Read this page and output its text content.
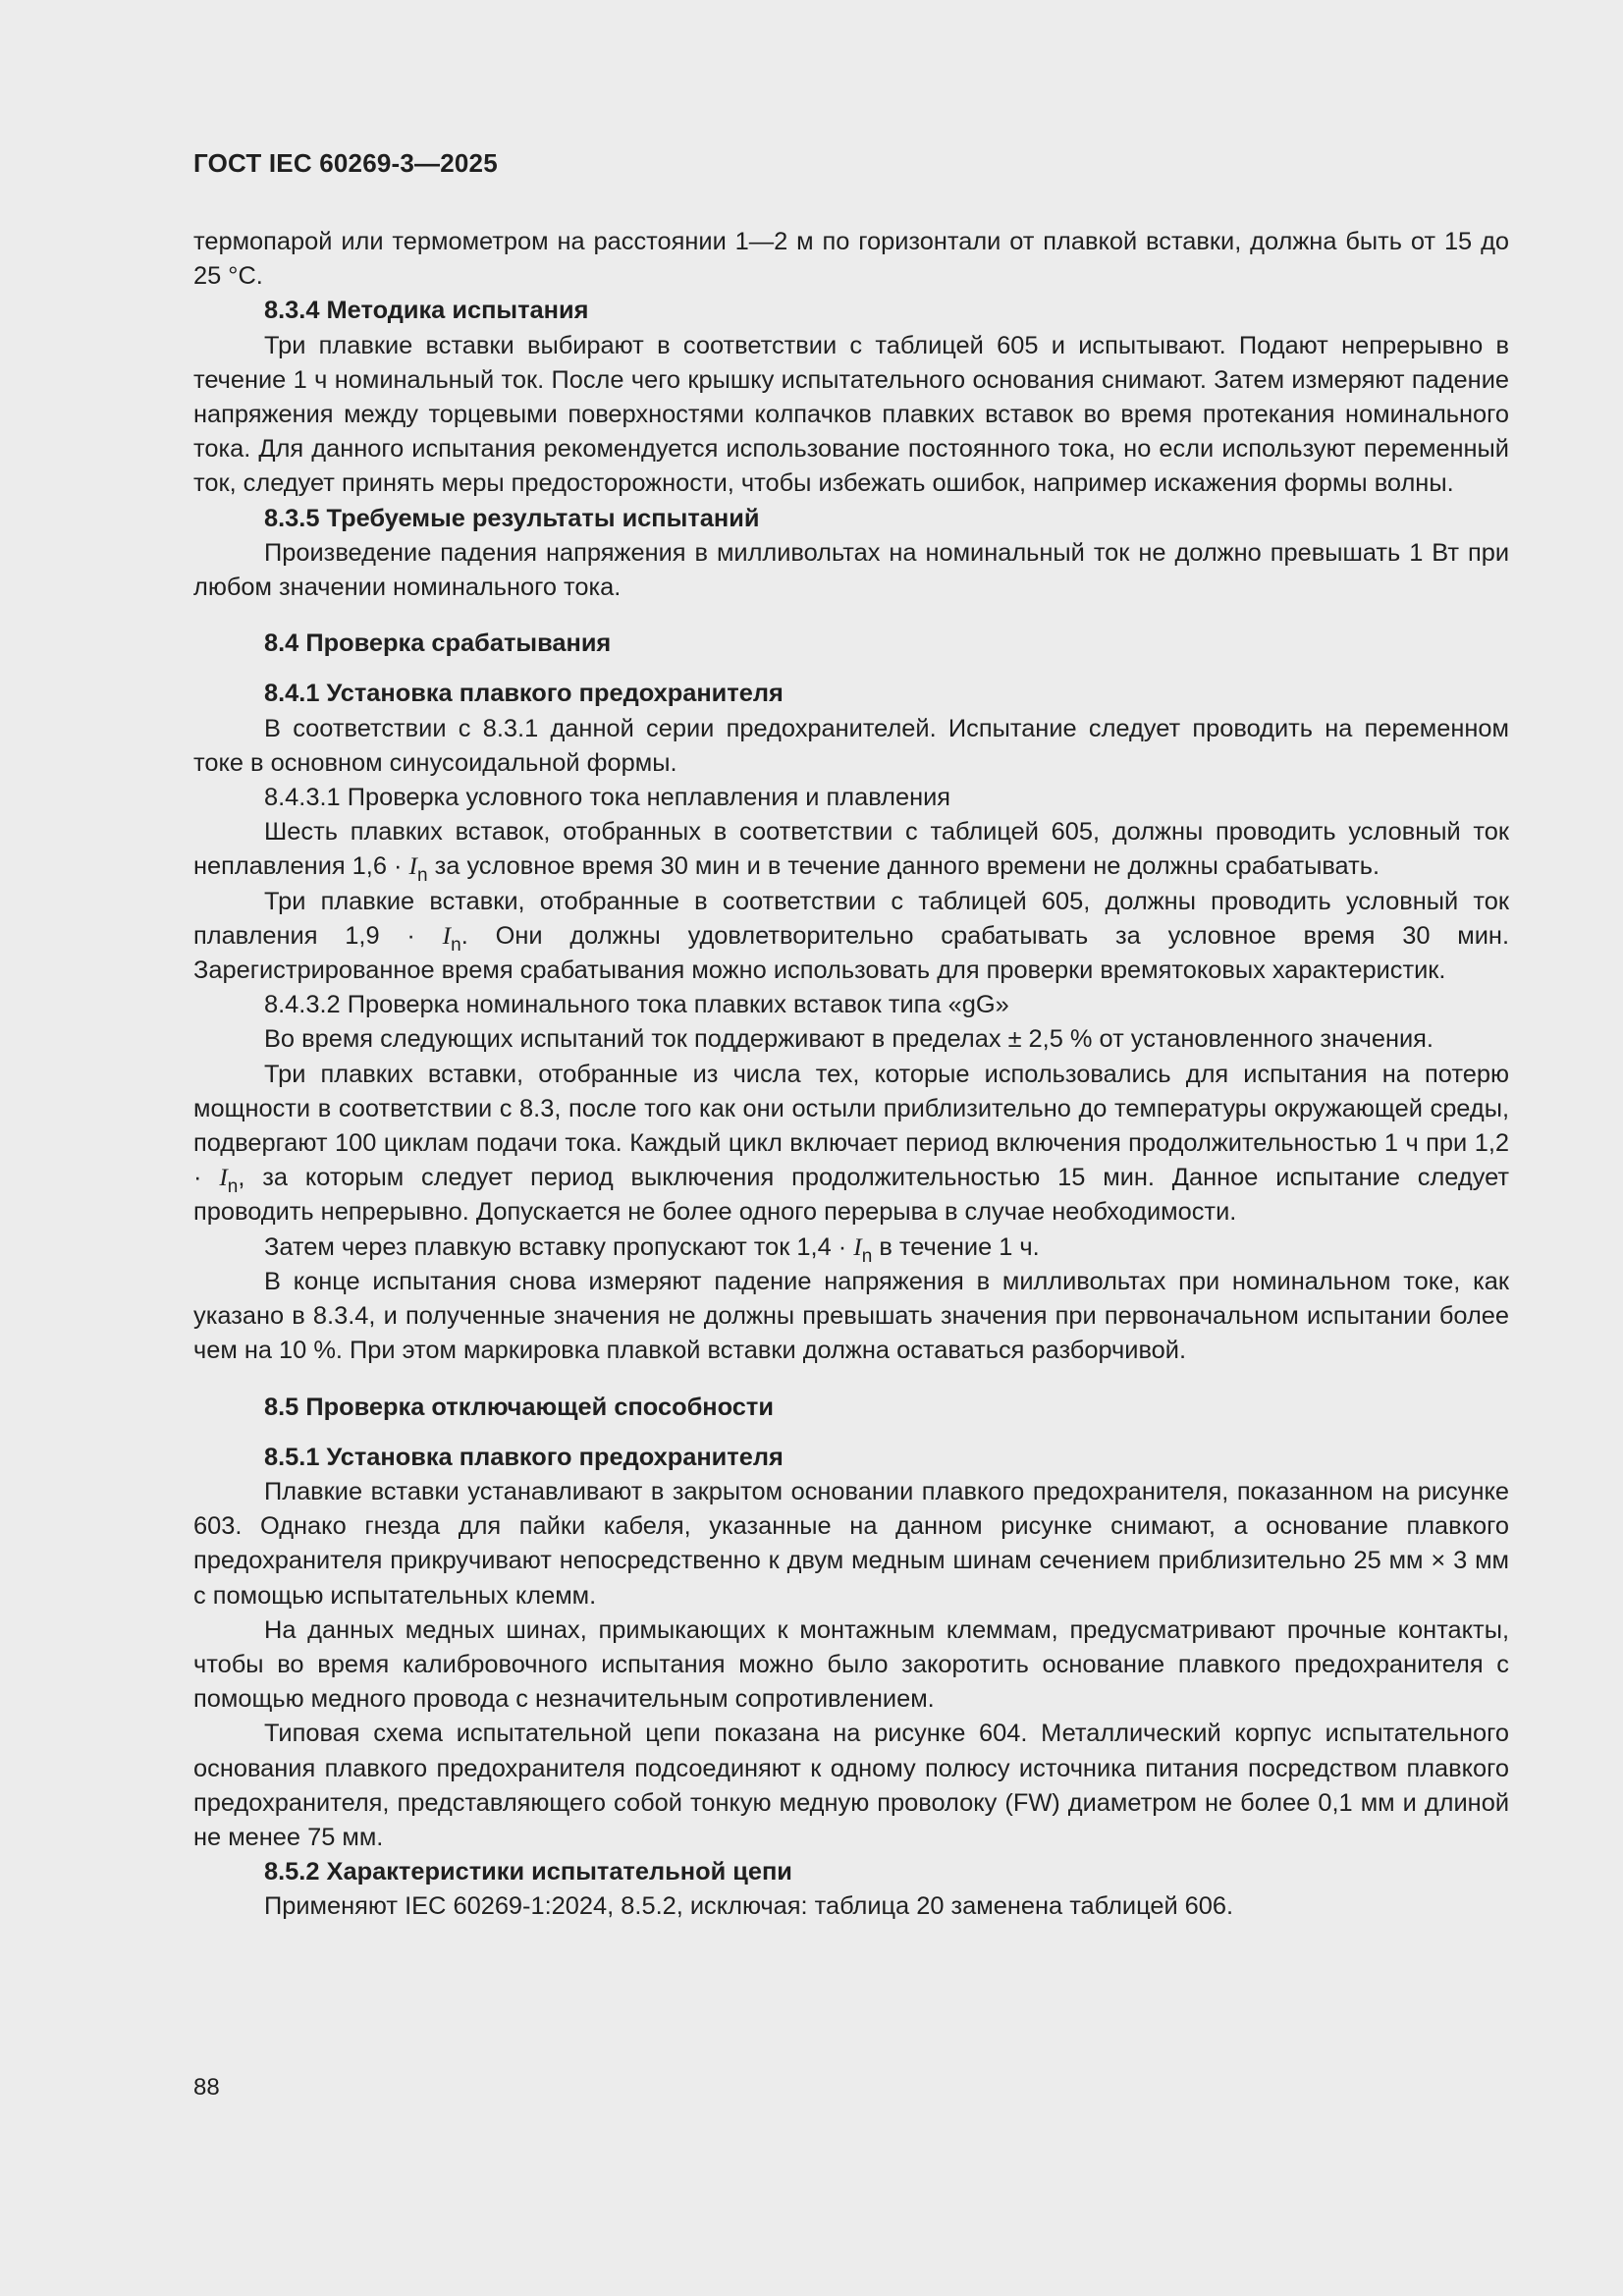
ГОСТ IEC 60269-3—2025

термопарой или термометром на расстоянии 1—2 м по горизонтали от плавкой вставки, должна быть от 15 до 25 °С.

8.3.4 Методика испытания

Три плавкие вставки выбирают в соответствии с таблицей 605 и испытывают. Подают непрерывно в течение 1 ч номинальный ток. После чего крышку испытательного основания снимают. Затем измеряют падение напряжения между торцевыми поверхностями колпачков плавких вставок во время протекания номинального тока. Для данного испытания рекомендуется использование постоянного тока, но если используют переменный ток, следует принять меры предосторожности, чтобы избежать ошибок, например искажения формы волны.

8.3.5 Требуемые результаты испытаний

Произведение падения напряжения в милливольтах на номинальный ток не должно превышать 1 Вт при любом значении номинального тока.

8.4 Проверка срабатывания

8.4.1 Установка плавкого предохранителя

В соответствии с 8.3.1 данной серии предохранителей. Испытание следует проводить на переменном токе в основном синусоидальной формы.

8.4.3.1 Проверка условного тока неплавления и плавления

Шесть плавких вставок, отобранных в соответствии с таблицей 605, должны проводить условный ток неплавления $1,6 \cdot I_n$ за условное время 30 мин и в течение данного времени не должны срабатывать.

Три плавкие вставки, отобранные в соответствии с таблицей 605, должны проводить условный ток плавления $1,9 \cdot I_n$. Они должны удовлетворительно срабатывать за условное время 30 мин. Зарегистрированное время срабатывания можно использовать для проверки времятоковых характеристик.

8.4.3.2 Проверка номинального тока плавких вставок типа «gG»

Во время следующих испытаний ток поддерживают в пределах ± 2,5 % от установленного значения.

Три плавких вставки, отобранные из числа тех, которые использовались для испытания на потерю мощности в соответствии с 8.3, после того как они остыли приблизительно до температуры окружающей среды, подвергают 100 циклам подачи тока. Каждый цикл включает период включения продолжительностью 1 ч при $1,2 \cdot I_n$, за которым следует период выключения продолжительностью 15 мин. Данное испытание следует проводить непрерывно. Допускается не более одного перерыва в случае необходимости.

Затем через плавкую вставку пропускают ток $1,4 \cdot I_n$ в течение 1 ч.

В конце испытания снова измеряют падение напряжения в милливольтах при номинальном токе, как указано в 8.3.4, и полученные значения не должны превышать значения при первоначальном испытании более чем на 10 %. При этом маркировка плавкой вставки должна оставаться разборчивой.

8.5 Проверка отключающей способности

8.5.1 Установка плавкого предохранителя

Плавкие вставки устанавливают в закрытом основании плавкого предохранителя, показанном на рисунке 603. Однако гнезда для пайки кабеля, указанные на данном рисунке снимают, а основание плавкого предохранителя прикручивают непосредственно к двум медным шинам сечением приблизительно 25 мм × 3 мм с помощью испытательных клемм.

На данных медных шинах, примыкающих к монтажным клеммам, предусматривают прочные контакты, чтобы во время калибровочного испытания можно было закоротить основание плавкого предохранителя с помощью медного провода с незначительным сопротивлением.

Типовая схема испытательной цепи показана на рисунке 604. Металлический корпус испытательного основания плавкого предохранителя подсоединяют к одному полюсу источника питания посредством плавкого предохранителя, представляющего собой тонкую медную проволоку (FW) диаметром не более 0,1 мм и длиной не менее 75 мм.

8.5.2 Характеристики испытательной цепи

Применяют IEC 60269-1:2024, 8.5.2, исключая: таблица 20 заменена таблицей 606.

88
